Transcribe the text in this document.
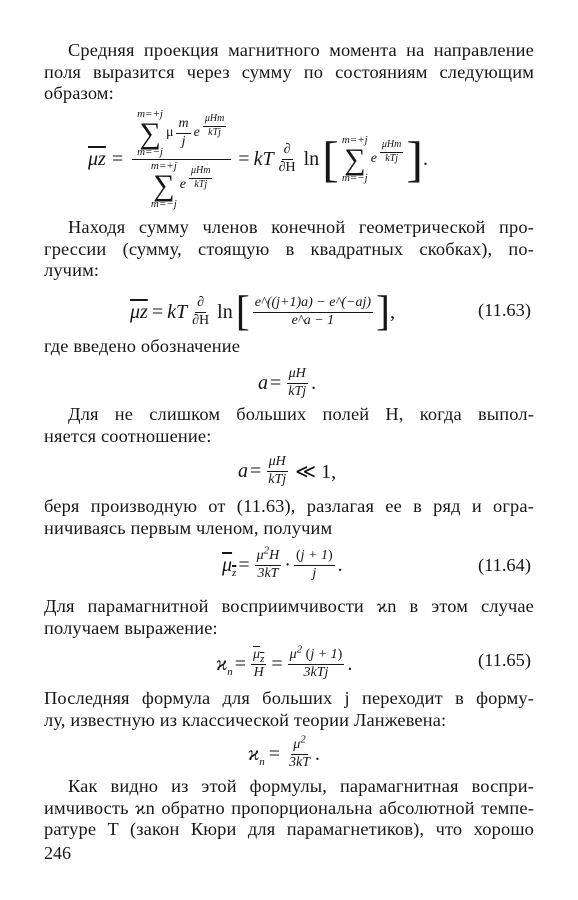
Средняя проекция магнитного момента на направление
поля выразится через сумму по состояниям следующим
образом:
$\overline{\mu z}$ =
m=+j
∑
m=−j
μ $\frac{m}{j}$ e $\frac{\text{μHm}}{\text{kTj}}$
m=+j
∑
m=−j
e $\frac{\text{μHm}}{\text{kTj}}$
= kT $\frac{\partial}{\partial H}$ ln [ m=+j
∑
m=−j
e $\frac{\text{μHm}}{\text{kTj}}$ ] .
Находя сумму членов конечной геометрической про-
грессии (сумму, стоящую в квадратных скобках), по-
лучим:
$\overline{\mu z}$ = kT $\frac{\partial}{\partial H}$ ln [ $\frac{e\^{}((j+1)a) - e\^{}(-aj)}{e\^{}a - 1}$ ] ,	(11.63)
где введено обозначение
$a = \frac{\mu H}{\text{kTj}}$ .
Для не слишком больших полей H, когда выпол-
няется соотношение:
$a = \frac{\mu H}{\text{kTj}}$ ≪ 1,
беря производную от (11.63), разлагая ее в ряд и огра-
ничиваясь первым членом, получим
$\mu_z = \frac{\mu^2H}{3kT} \cdot \frac{(j + 1)}{j}$ .	(11.64)
Для парамагнитной восприимчивости ϰn в этом случае
получаем выражение:
$ϰ_n = \frac{\mu_z}{H} = \frac{\mu^2 (j + 1)}{\text{3kTj}}$ .	(11.65)
Последняя формула для больших j переходит в форму-
лу, известную из классической теории Ланжевена:
$ϰ_n = \frac{\mu^2}{3kT}$ .
Как видно из этой формулы, парамагнитная воспри-
имчивость ϰn обратно пропорциональна абсолютной темпе-
ратуре T (закон Кюри для парамагнетиков), что хорошо
246
